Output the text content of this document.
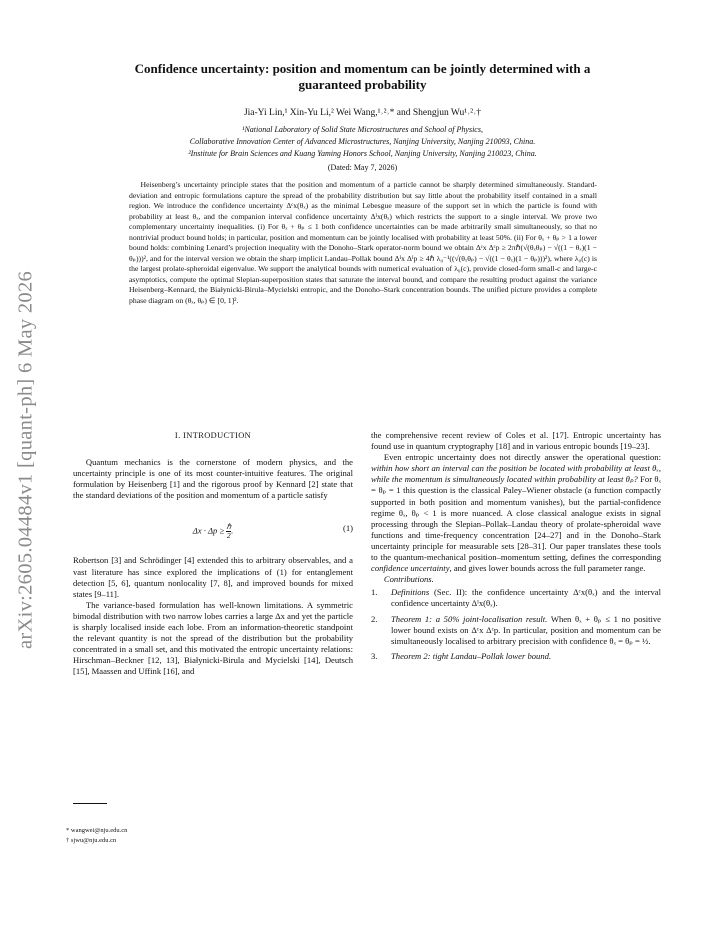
arXiv:2605.04484v1 [quant-ph] 6 May 2026
Confidence uncertainty: position and momentum can be jointly determined with a
guaranteed probability
Jia-Yi Lin,¹ Xin-Yu Li,² Wei Wang,¹˒²˒* and Shengjun Wu¹˒²˒†
¹National Laboratory of Solid State Microstructures and School of Physics,
Collaborative Innovation Center of Advanced Microstructures, Nanjing University, Nanjing 210093, China.
²Institute for Brain Sciences and Kuang Yaming Honors School, Nanjing University, Nanjing 210023, China.
(Dated: May 7, 2026)

Heisenberg’s uncertainty principle states that the position and momentum of a particle cannot be sharply determined simultaneously. Standard-deviation and entropic formulations capture the spread of the probability distribution but say little about the probability itself contained in a small region. We introduce the confidence uncertainty Δᶜx(θₓ) as the minimal Lebesgue measure of the support set in which the particle is found with probability at least θₓ, and the companion interval confidence uncertainty Δᴵx(θₓ) which restricts the support to a single interval. We prove two complementary uncertainty inequalities. (i) For θₓ + θₚ ≤ 1 both confidence uncertainties can be made arbitrarily small simultaneously, so that no nontrivial product bound holds; in particular, position and momentum can be jointly localised with probability at least 50%. (ii) For θₓ + θₚ > 1 a lower bound holds: combining Lenard’s projection inequality with the Donoho–Stark operator-norm bound we obtain Δᶜx Δᶜp ≥ 2πℏ(√(θₓθₚ) − √((1 − θₓ)(1 − θₚ)))², and for the interval version we obtain the sharp implicit Landau–Pollak bound Δᴵx Δᴵp ≥ 4ℏ λ₀⁻¹((√(θₓθₚ) − √((1 − θₓ)(1 − θₚ)))²), where λ₀(c) is the largest prolate-spheroidal eigenvalue. We support the analytical bounds with numerical evaluation of λ₀(c), provide closed-form small-c and large-c asymptotics, compute the optimal Slepian-superposition states that saturate the interval bound, and compare the resulting product against the variance Heisenberg–Kennard, the Białynicki-Birula–Mycielski entropic, and the Donoho–Stark concentration bounds. The unified picture provides a complete phase diagram on (θₓ, θₚ) ∈ [0, 1]².

I. INTRODUCTION

Quantum mechanics is the cornerstone of modern physics, and the uncertainty principle is one of its most counter-intuitive features. The original formulation by Heisenberg [1] and the rigorous proof by Kennard [2] state that the standard deviations of the position and momentum of a particle satisfy

$\Delta x \cdot \Delta p \ge \frac{\text{ℏ}}{2}$ .	(1)

Robertson [3] and Schrödinger [4] extended this to arbitrary observables, and a vast literature has since explored the implications of (1) for entanglement detection [5, 6], quantum nonlocality [7, 8], and improved bounds for mixed states [9–11].

The variance-based formulation has well-known limitations. A symmetric bimodal distribution with two narrow lobes carries a large Δx and yet the particle is sharply localised inside each lobe. From an information-theoretic standpoint the relevant quantity is not the spread of the distribution but the probability concentrated in a small set, and this motivated the entropic uncertainty relations: Hirschman–Beckner [12, 13], Białynicki-Birula and Mycielski [14], Deutsch [15], Maassen and Uffink [16], and

the comprehensive recent review of Coles et al. [17]. Entropic uncertainty has found use in quantum cryptography [18] and in various entropic bounds [19–23].

Even entropic uncertainty does not directly answer the operational question: within how short an interval can the position be located with probability at least θₓ, while the momentum is simultaneously located within probability at least θₚ? For θₓ = θₚ = 1 this question is the classical Paley–Wiener obstacle (a function compactly supported in both position and momentum vanishes), but the partial-confidence regime θₓ, θₚ < 1 is more nuanced. A close classical analogue exists in signal processing through the Slepian–Pollak–Landau theory of prolate-spheroidal wave functions and time-frequency concentration [24–27] and in the Donoho–Stark uncertainty principle for measurable sets [28–31]. Our paper translates these tools to the quantum-mechanical position–momentum setting, defines the corresponding confidence uncertainty, and gives lower bounds across the full parameter range.

Contributions.

1. Definitions (Sec. II): the confidence uncertainty Δᶜx(θₓ) and the interval confidence uncertainty Δᴵx(θₓ).
2. Theorem 1: a 50% joint-localisation result. When θₓ + θₚ ≤ 1 no positive lower bound exists on Δᶜx Δᶜp. In particular, position and momentum can be simultaneously localised to arbitrary precision with confidence θₓ = θₚ = ½.
3. Theorem 2: tight Landau–Pollak lower bound.
* wangwei@nju.edu.cn
† sjwu@nju.edu.cn
